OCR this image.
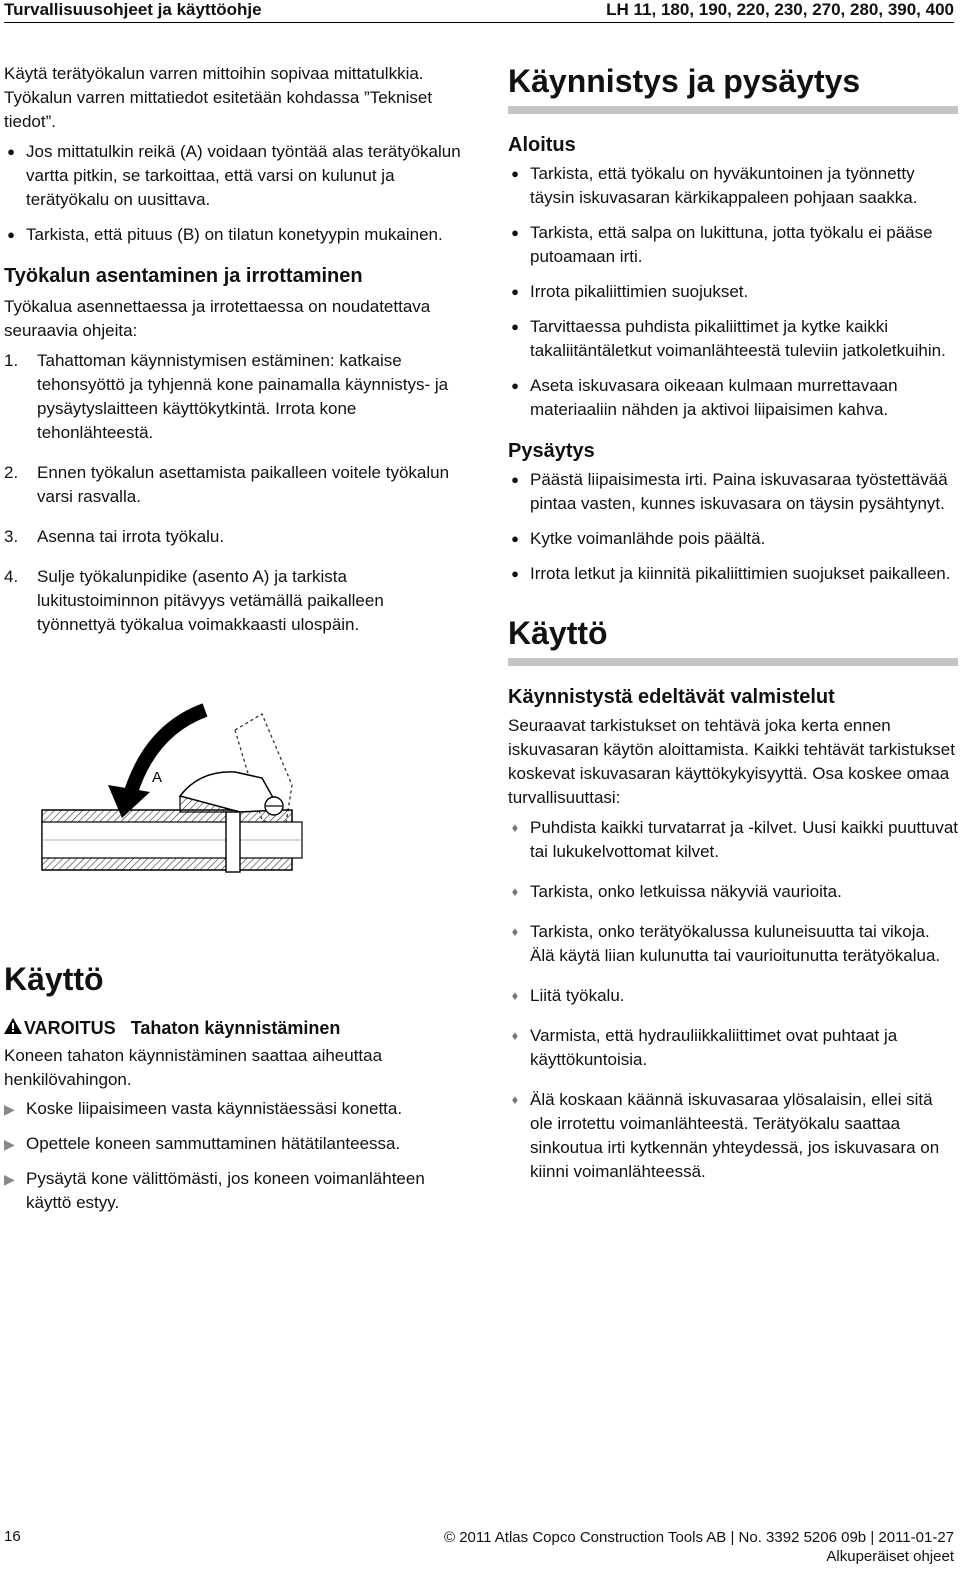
Turvallisuusohjeet ja käyttöohje	LH 11, 180, 190, 220, 230, 270, 280, 390, 400

Käytä terätyökalun varren mittoihin sopivaa mittatulkkia. Työkalun varren mittatiedot esitetään kohdassa ”Tekniset tiedot”.

● Jos mittatulkin reikä (A) voidaan työntää alas terätyökalun vartta pitkin, se tarkoittaa, että varsi on kulunut ja terätyökalu on uusittava.
● Tarkista, että pituus (B) on tilatun konetyypin mukainen.
Työkalun asentaminen ja irrottaminen

Työkalua asennettaessa ja irrotettaessa on noudatettava seuraavia ohjeita:

1. Tahattoman käynnistymisen estäminen: katkaise tehonsyöttö ja tyhjennä kone painamalla käynnistys- ja pysäytyslaitteen käyttökytkintä. Irrota kone tehonlähteestä.
2. Ennen työkalun asettamista paikalleen voitele työkalun varsi rasvalla.
3. Asenna tai irrota työkalu.
4. Sulje työkalunpidike (asento A) ja tarkista lukitustoiminnon pitävyys vetämällä paikalleen työnnettyä työkalua voimakkaasti ulospäin.
A
Käyttö
VAROITUS Tahaton käynnistäminen

Koneen tahaton käynnistäminen saattaa aiheuttaa henkilövahingon.

▶ Koske liipaisimeen vasta käynnistäessäsi konetta.
▶ Opettele koneen sammuttaminen hätätilanteessa.
▶ Pysäytä kone välittömästi, jos koneen voimanlähteen käyttö estyy.
Käynnistys ja pysäytys
Aloitus
● Tarkista, että työkalu on hyväkuntoinen ja työnnetty täysin iskuvasaran kärkikappaleen pohjaan saakka.
● Tarkista, että salpa on lukittuna, jotta työkalu ei pääse putoamaan irti.
● Irrota pikaliittimien suojukset.
● Tarvittaessa puhdista pikaliittimet ja kytke kaikki takaliitäntäletkut voimanlähteestä tuleviin jatkoletkuihin.
● Aseta iskuvasara oikeaan kulmaan murrettavaan materiaaliin nähden ja aktivoi liipaisimen kahva.
Pysäytys
● Päästä liipaisimesta irti. Paina iskuvasaraa työstettävää pintaa vasten, kunnes iskuvasara on täysin pysähtynyt.
● Kytke voimanlähde pois päältä.
● Irrota letkut ja kiinnitä pikaliittimien suojukset paikalleen.
Käyttö
Käynnistystä edeltävät valmistelut

Seuraavat tarkistukset on tehtävä joka kerta ennen iskuvasaran käytön aloittamista. Kaikki tehtävät tarkistukset koskevat iskuvasaran käyttökykyisyyttä. Osa koskee omaa turvallisuuttasi:

♦ Puhdista kaikki turvatarrat ja -kilvet. Uusi kaikki puuttuvat tai lukukelvottomat kilvet.
♦ Tarkista, onko letkuissa näkyviä vaurioita.
♦ Tarkista, onko terätyökalussa kuluneisuutta tai vikoja. Älä käytä liian kulunutta tai vaurioitunutta terätyökalua.
♦ Liitä työkalu.
♦ Varmista, että hydrauliikkaliittimet ovat puhtaat ja käyttökuntoisia.
♦ Älä koskaan käännä iskuvasaraa ylösalaisin, ellei sitä ole irrotettu voimanlähteestä. Terätyökalu saattaa sinkoutua irti kytkennän yhteydessä, jos iskuvasara on kiinni voimanlähteessä.
16	© 2011 Atlas Copco Construction Tools AB | No. 3392 5206 09b | 2011-01-27
Alkuperäiset ohjeet
